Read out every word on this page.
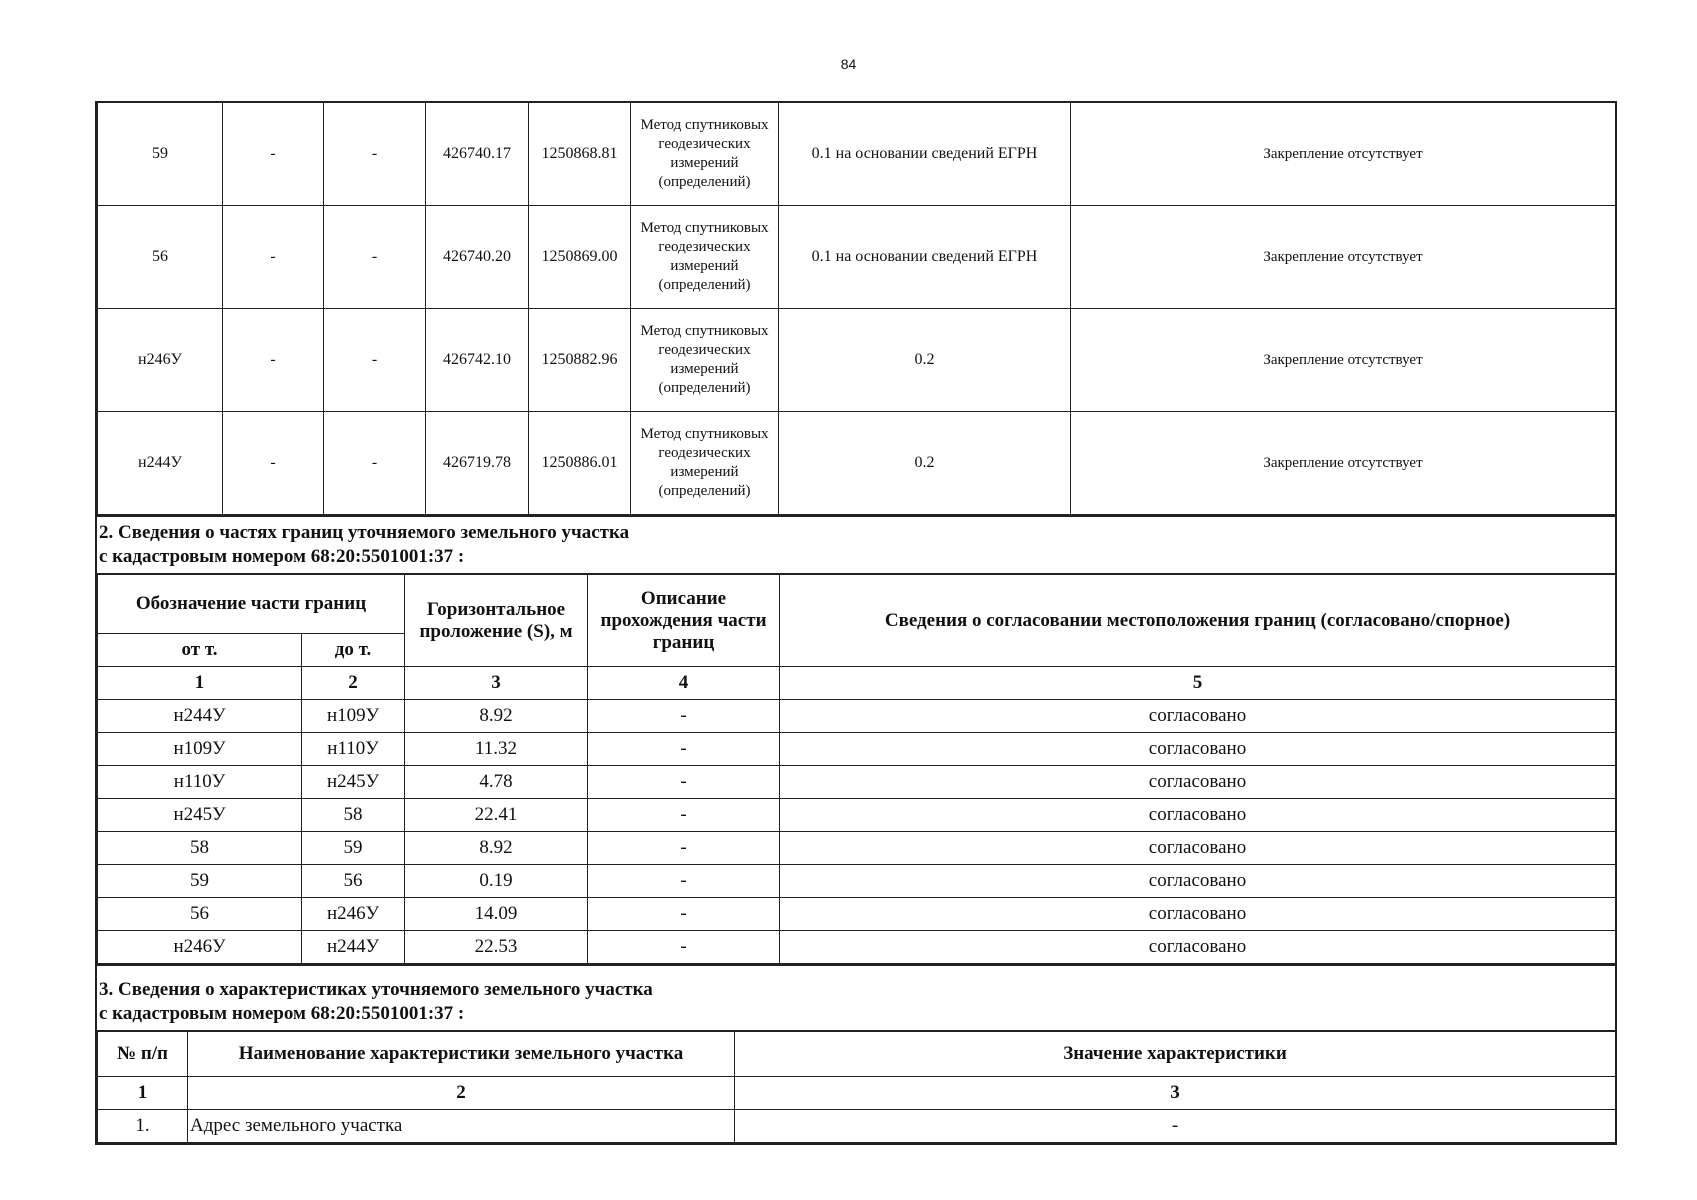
84
59	-	-	426740.17	1250868.81	Метод спутниковых геодезических измерений (определений)	0.1 на основании сведений ЕГРН	Закрепление отсутствует
56	-	-	426740.20	1250869.00	Метод спутниковых геодезических измерений (определений)	0.1 на основании сведений ЕГРН	Закрепление отсутствует
н246У	-	-	426742.10	1250882.96	Метод спутниковых геодезических измерений (определений)	0.2	Закрепление отсутствует
н244У	-	-	426719.78	1250886.01	Метод спутниковых геодезических измерений (определений)	0.2	Закрепление отсутствует
2. Сведения о частях границ уточняемого земельного участка
с кадастровым номером 68:20:5501001:37 :
Обозначение части границ		Горизонтальное проложение (S), м	Описание прохождения части границ	Сведения о согласовании местоположения границ (согласовано/спорное)
от т.	до т.			
1	2	3	4	5
н244У	н109У	8.92	-	согласовано
н109У	н110У	11.32	-	согласовано
н110У	н245У	4.78	-	согласовано
н245У	58	22.41	-	согласовано
58	59	8.92	-	согласовано
59	56	0.19	-	согласовано
56	н246У	14.09	-	согласовано
н246У	н244У	22.53	-	согласовано
3. Сведения о характеристиках уточняемого земельного участка
с кадастровым номером 68:20:5501001:37 :
№ п/п	Наименование характеристики земельного участка	Значение характеристики
1	2	3
1.	Адрес земельного участка	-
